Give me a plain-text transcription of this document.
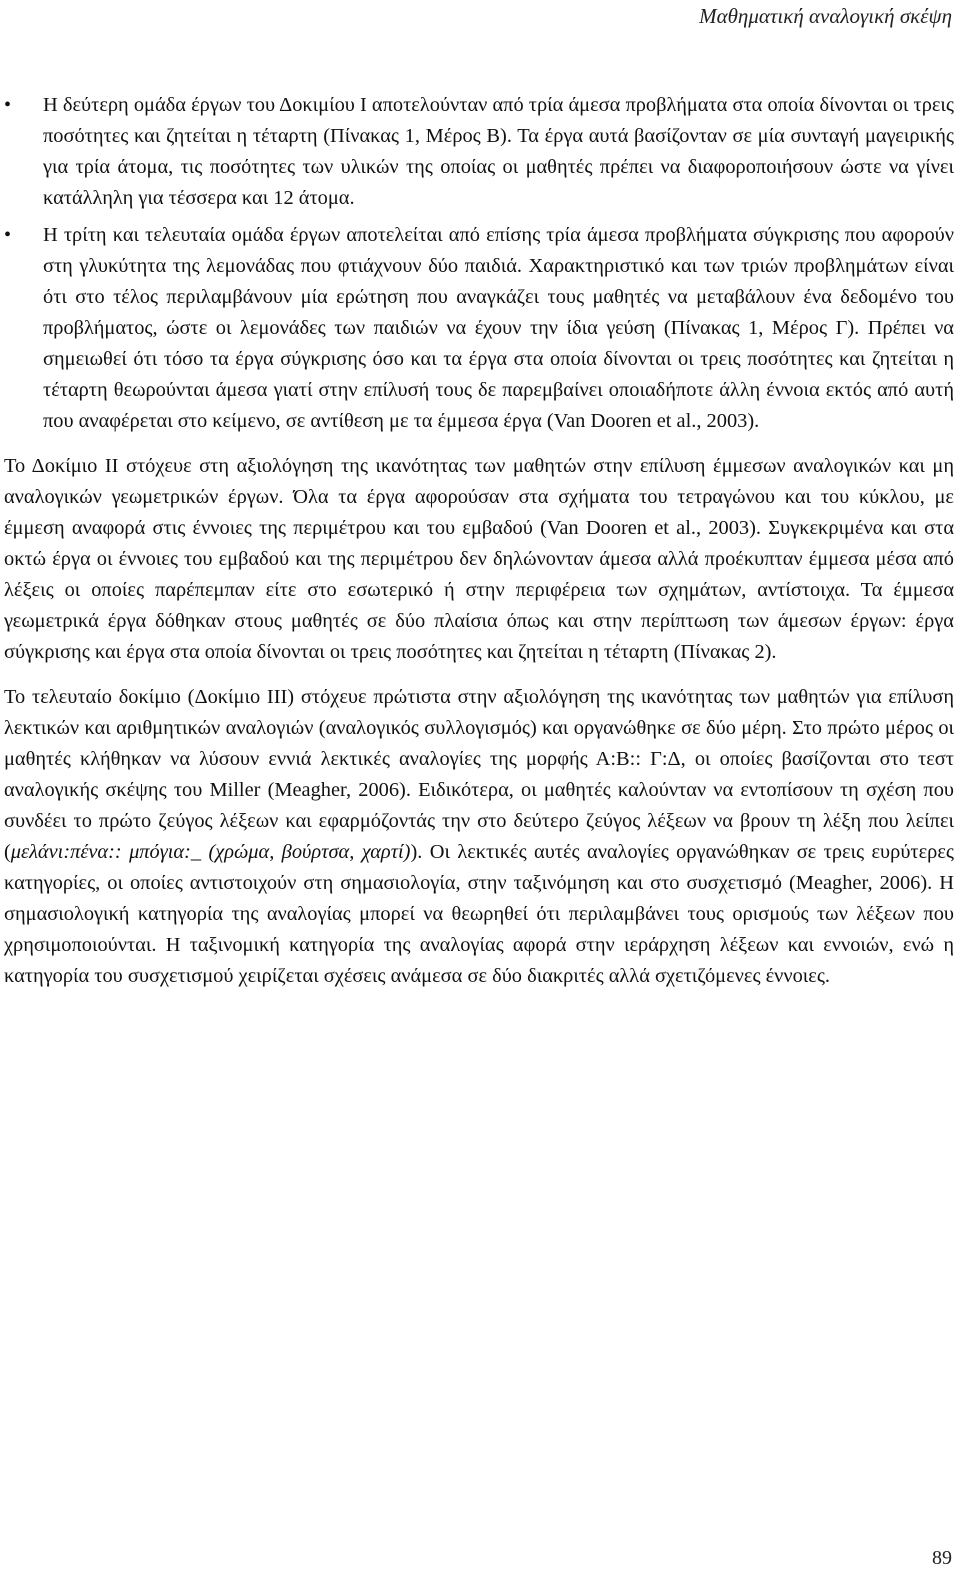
Μαθηματική αναλογική σκέψη

• Η δεύτερη ομάδα έργων του Δοκιμίου Ι αποτελούνταν από τρία άμεσα προβλήματα στα οποία δίνονται οι τρεις ποσότητες και ζητείται η τέταρτη (Πίνακας 1, Μέρος Β). Τα έργα αυτά βασίζονταν σε μία συνταγή μαγειρικής για τρία άτομα, τις ποσότητες των υλικών της οποίας οι μαθητές πρέπει να διαφοροποιήσουν ώστε να γίνει κατάλληλη για τέσσερα και 12 άτομα.

• Η τρίτη και τελευταία ομάδα έργων αποτελείται από επίσης τρία άμεσα προβλήματα σύγκρισης που αφορούν στη γλυκύτητα της λεμονάδας που φτιάχνουν δύο παιδιά. Χαρακτηριστικό και των τριών προβλημάτων είναι ότι στο τέλος περιλαμβάνουν μία ερώτηση που αναγκάζει τους μαθητές να μεταβάλουν ένα δεδομένο του προβλήματος, ώστε οι λεμονάδες των παιδιών να έχουν την ίδια γεύση (Πίνακας 1, Μέρος Γ). Πρέπει να σημειωθεί ότι τόσο τα έργα σύγκρισης όσο και τα έργα στα οποία δίνονται οι τρεις ποσότητες και ζητείται η τέταρτη θεωρούνται άμεσα γιατί στην επίλυσή τους δε παρεμβαίνει οποιαδήποτε άλλη έννοια εκτός από αυτή που αναφέρεται στο κείμενο, σε αντίθεση με τα έμμεσα έργα (Van Dooren et al., 2003).

Το Δοκίμιο ΙΙ στόχευε στη αξιολόγηση της ικανότητας των μαθητών στην επίλυση έμμεσων αναλογικών και μη αναλογικών γεωμετρικών έργων. Όλα τα έργα αφορούσαν στα σχήματα του τετραγώνου και του κύκλου, με έμμεση αναφορά στις έννοιες της περιμέτρου και του εμβαδού (Van Dooren et al., 2003). Συγκεκριμένα και στα οκτώ έργα οι έννοιες του εμβαδού και της περιμέτρου δεν δηλώνονταν άμεσα αλλά προέκυπταν έμμεσα μέσα από λέξεις οι οποίες παρέπεμπαν είτε στο εσωτερικό ή στην περιφέρεια των σχημάτων, αντίστοιχα. Τα έμμεσα γεωμετρικά έργα δόθηκαν στους μαθητές σε δύο πλαίσια όπως και στην περίπτωση των άμεσων έργων: έργα σύγκρισης και έργα στα οποία δίνονται οι τρεις ποσότητες και ζητείται η τέταρτη (Πίνακας 2).

Το τελευταίο δοκίμιο (Δοκίμιο ΙΙΙ) στόχευε πρώτιστα στην αξιολόγηση της ικανότητας των μαθητών για επίλυση λεκτικών και αριθμητικών αναλογιών (αναλογικός συλλογισμός) και οργανώθηκε σε δύο μέρη. Στο πρώτο μέρος οι μαθητές κλήθηκαν να λύσουν εννιά λεκτικές αναλογίες της μορφής Α:Β:: Γ:Δ, οι οποίες βασίζονται στο τεστ αναλογικής σκέψης του Miller (Meagher, 2006). Ειδικότερα, οι μαθητές καλούνταν να εντοπίσουν τη σχέση που συνδέει το πρώτο ζεύγος λέξεων και εφαρμόζοντάς την στο δεύτερο ζεύγος λέξεων να βρουν τη λέξη που λείπει (μελάνι:πένα:: μπόγια:_ (χρώμα, βούρτσα, χαρτί)). Οι λεκτικές αυτές αναλογίες οργανώθηκαν σε τρεις ευρύτερες κατηγορίες, οι οποίες αντιστοιχούν στη σημασιολογία, στην ταξινόμηση και στο συσχετισμό (Meagher, 2006). Η σημασιολογική κατηγορία της αναλογίας μπορεί να θεωρηθεί ότι περιλαμβάνει τους ορισμούς των λέξεων που χρησιμοποιούνται. Η ταξινομική κατηγορία της αναλογίας αφορά στην ιεράρχηση λέξεων και εννοιών, ενώ η κατηγορία του συσχετισμού χειρίζεται σχέσεις ανάμεσα σε δύο διακριτές αλλά σχετιζόμενες έννοιες.

89
